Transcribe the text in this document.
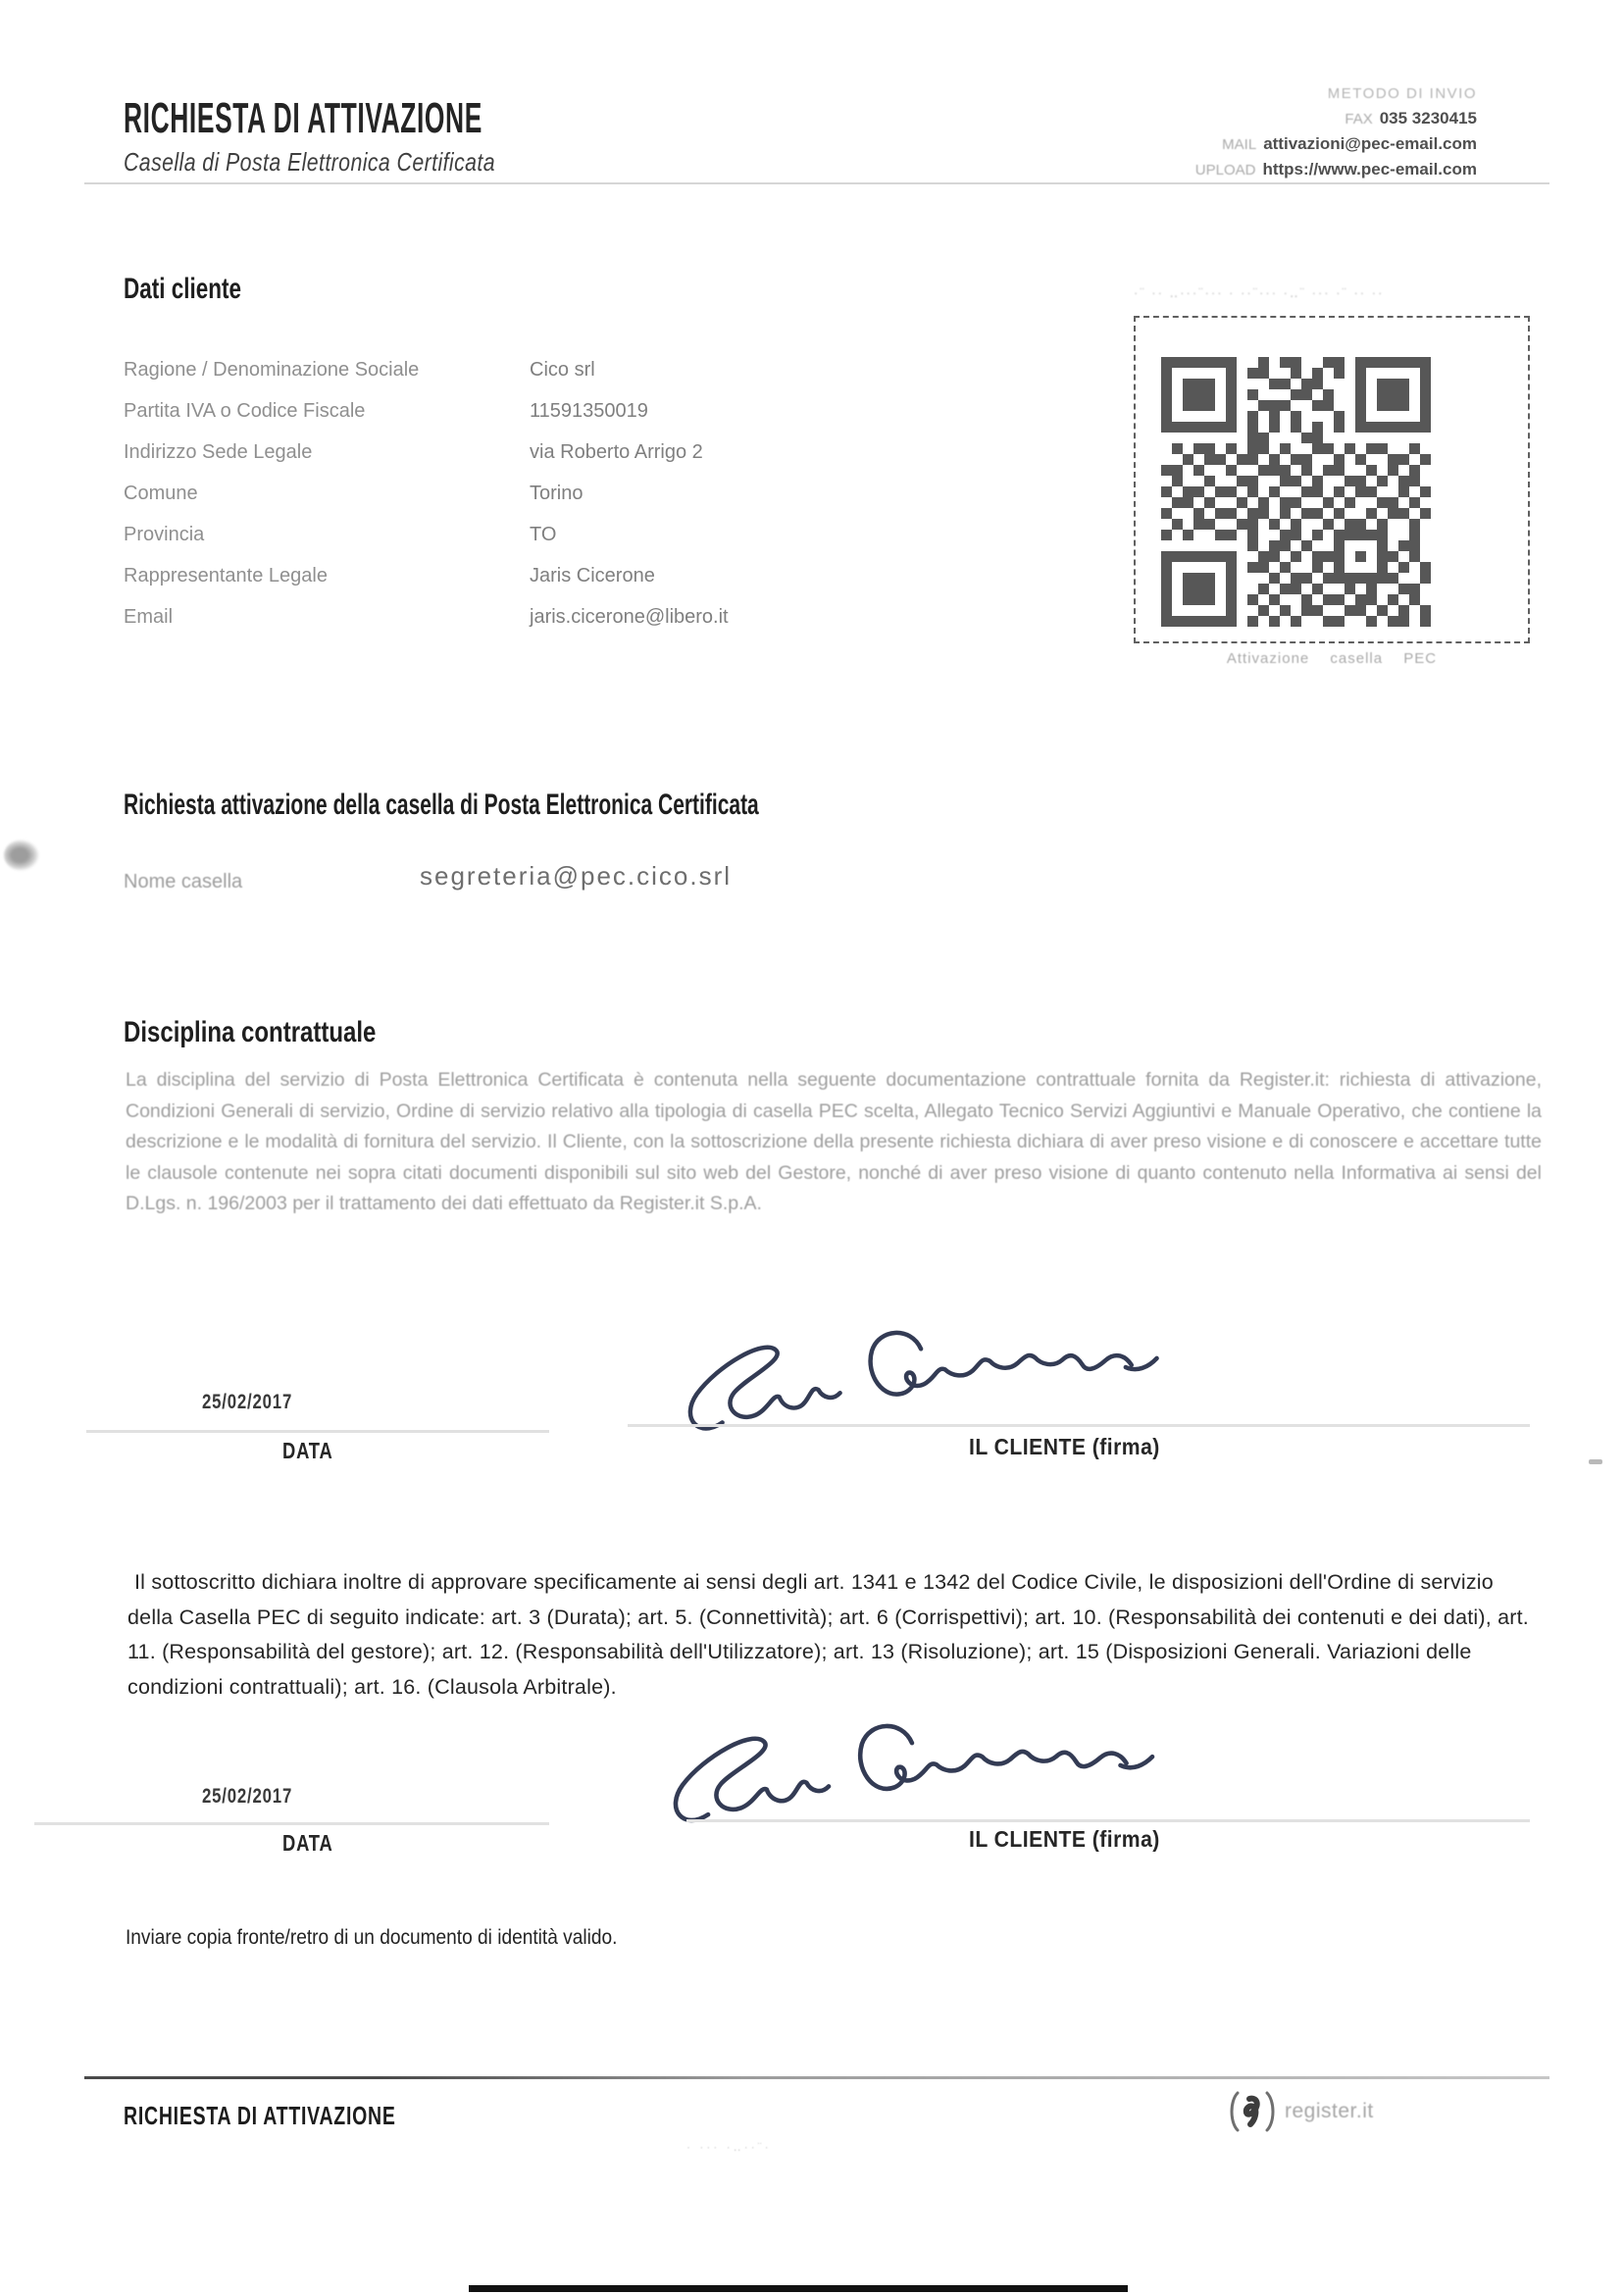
RICHIESTA DI ATTIVAZIONE
Casella di Posta Elettronica Certificata
METODO DI INVIO
FAX 035 3230415
MAIL attivazioni@pec-email.com
UPLOAD https://www.pec-email.com
Dati cliente
Ragione / Denominazione Sociale	Cico srl
Partita IVA o Codice Fiscale	11591350019
Indirizzo Sede Legale	via Roberto Arrigo 2
Comune	Torino
Provincia	TO
Rappresentante Legale	Jaris Cicerone
Email	jaris.cicerone@libero.it
·¨ ·· ‥···¨··· · ··¨··· ·‥¨ ··· ·¨ ·· ··
Attivazione casella PEC
Richiesta attivazione della casella di Posta Elettronica Certificata
Nome casella	segreteria@pec.cico.srl
Disciplina contrattuale
La disciplina del servizio di Posta Elettronica Certificata è contenuta nella seguente documentazione contrattuale fornita da Register.it: richiesta di attivazione, Condizioni Generali di servizio, Ordine di servizio relativo alla tipologia di casella PEC scelta, Allegato Tecnico Servizi Aggiuntivi e Manuale Operativo, che contiene la descrizione e le modalità di fornitura del servizio. Il Cliente, con la sottoscrizione della presente richiesta dichiara di aver preso visione e di conoscere e accettare tutte le clausole contenute nei sopra citati documenti disponibili sul sito web del Gestore, nonché di aver preso visione di quanto contenuto nella Informativa ai sensi del D.Lgs. n. 196/2003 per il trattamento dei dati effettuato da Register.it S.p.A.
25/02/2017
DATA	IL CLIENTE (firma)
Il sottoscritto dichiara inoltre di approvare specificamente ai sensi degli art. 1341 e 1342 del Codice Civile, le disposizioni dell'Ordine di servizio della Casella PEC di seguito indicate: art. 3 (Durata); art. 5. (Connettività); art. 6 (Corrispettivi); art. 10. (Responsabilità dei contenuti e dei dati), art. 11. (Responsabilità del gestore); art. 12. (Responsabilità dell'Utilizzatore); art. 13 (Risoluzione); art. 15 (Disposizioni Generali. Variazioni delle condizioni contrattuali); art. 16. (Clausola Arbitrale).
25/02/2017
DATA	IL CLIENTE (firma)
Inviare copia fronte/retro di un documento di identità valido.
RICHIESTA DI ATTIVAZIONE	register.it
· ··· ·‥··¨·
